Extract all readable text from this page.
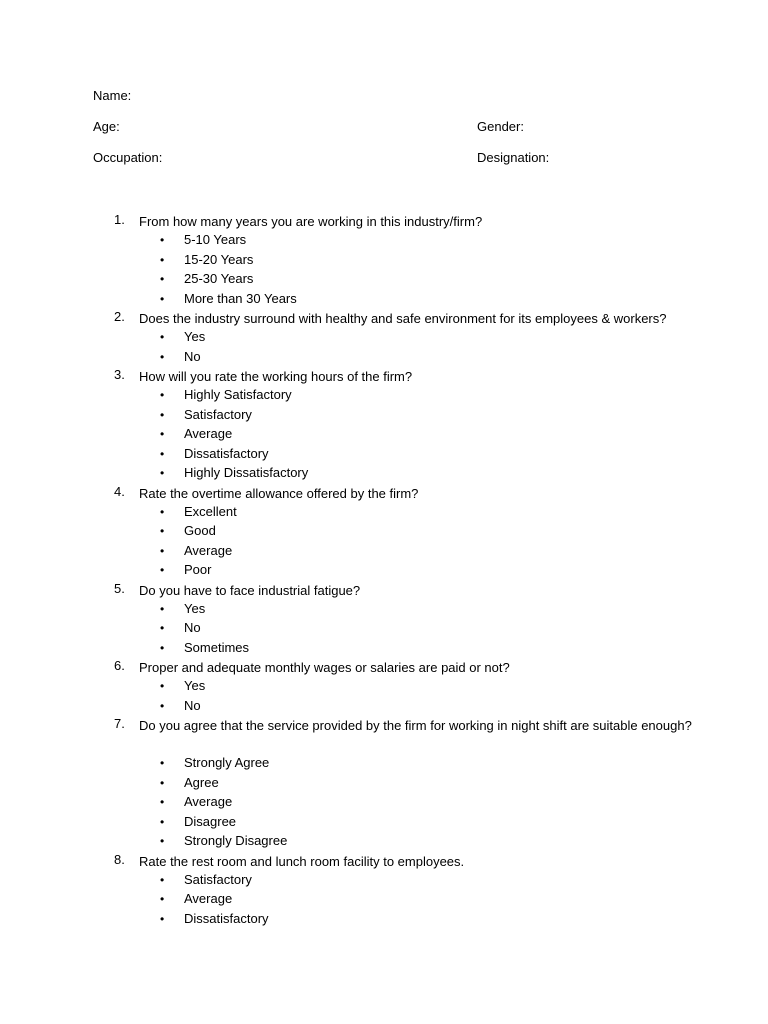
Name:
Age:	Gender:
Occupation:	Designation:
1. From how many years you are working in this industry/firm?
• 5-10 Years
• 15-20 Years
• 25-30 Years
• More than 30 Years
2. Does the industry surround with healthy and safe environment for its employees & workers?
• Yes
• No
3. How will you rate the working hours of the firm?
• Highly Satisfactory
• Satisfactory
• Average
• Dissatisfactory
• Highly Dissatisfactory
4. Rate the overtime allowance offered by the firm?
• Excellent
• Good
• Average
• Poor
5. Do you have to face industrial fatigue?
• Yes
• No
• Sometimes
6. Proper and adequate monthly wages or salaries are paid or not?
• Yes
• No
7. Do you agree that the service provided by the firm for working in night shift are suitable enough?
• Strongly Agree
• Agree
• Average
• Disagree
• Strongly Disagree
8. Rate the rest room and lunch room facility to employees.
• Satisfactory
• Average
• Dissatisfactory
